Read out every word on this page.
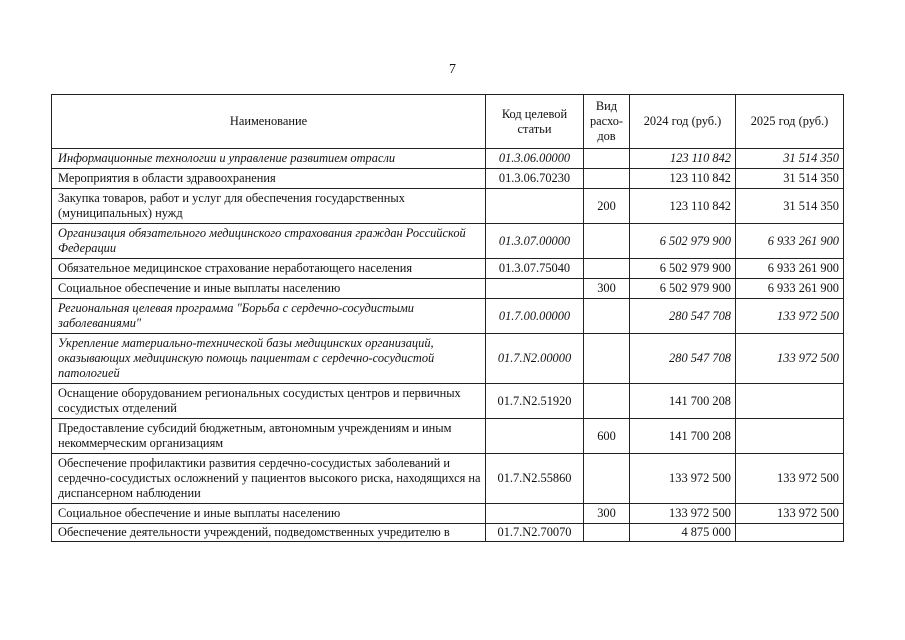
7
Наименование	Код целевой статьи	Вид расхо-дов	2024 год (руб.)	2025 год (руб.)
Информационные технологии и управление развитием отрасли	01.3.06.00000		123 110 842	31 514 350
Мероприятия в области здравоохранения	01.3.06.70230		123 110 842	31 514 350
Закупка товаров, работ и услуг для обеспечения государственных (муниципальных) нужд		200	123 110 842	31 514 350
Организация обязательного медицинского страхования граждан Российской Федерации	01.3.07.00000		6 502 979 900	6 933 261 900
Обязательное медицинское страхование неработающего населения	01.3.07.75040		6 502 979 900	6 933 261 900
Социальное обеспечение и иные выплаты населению		300	6 502 979 900	6 933 261 900
Региональная целевая программа "Борьба с сердечно-сосудистыми заболеваниями"	01.7.00.00000		280 547 708	133 972 500
Укрепление материально-технической базы медицинских организаций, оказывающих медицинскую помощь пациентам с сердечно-сосудистой патологией	01.7.N2.00000		280 547 708	133 972 500
Оснащение оборудованием региональных сосудистых центров и первичных сосудистых отделений	01.7.N2.51920		141 700 208	
Предоставление субсидий бюджетным, автономным учреждениям и иным некоммерческим организациям		600	141 700 208	
Обеспечение профилактики развития сердечно-сосудистых заболеваний и сердечно-сосудистых осложнений у пациентов высокого риска, находящихся на диспансерном наблюдении	01.7.N2.55860		133 972 500	133 972 500
Социальное обеспечение и иные выплаты населению		300	133 972 500	133 972 500
Обеспечение деятельности учреждений, подведомственных учредителю в	01.7.N2.70070		4 875 000	
